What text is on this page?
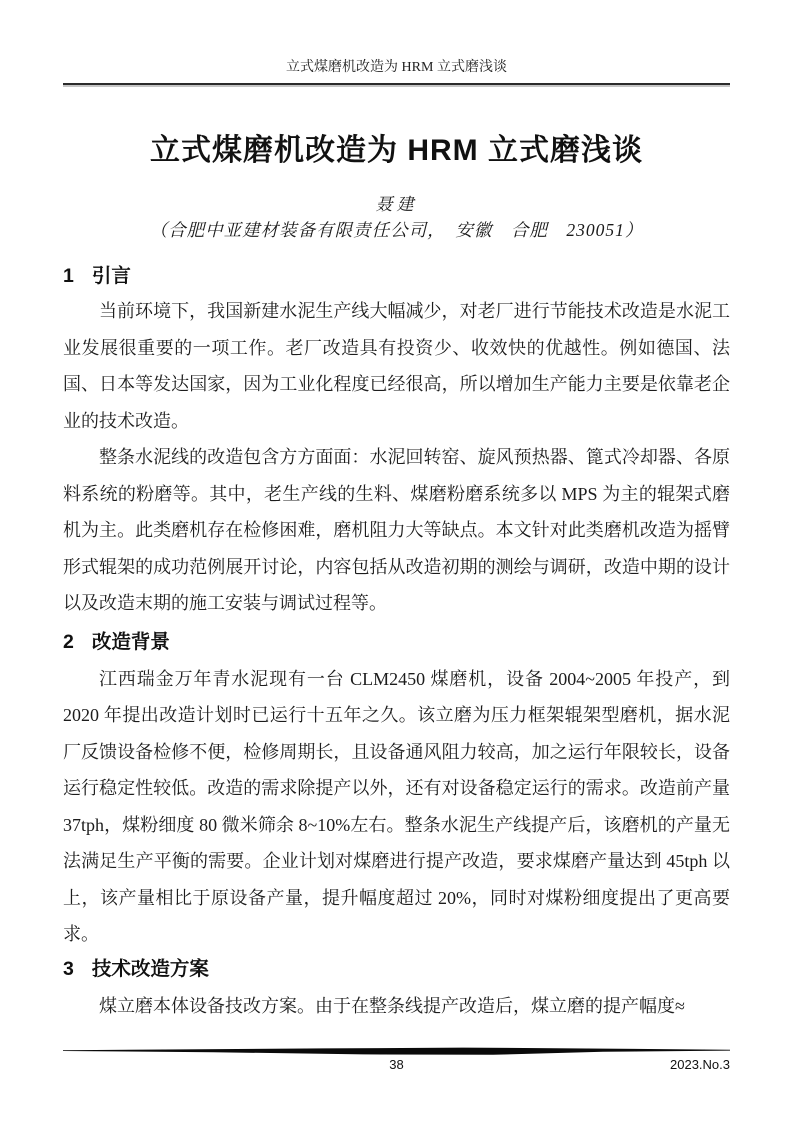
立式煤磨机改造为 HRM 立式磨浅谈
立式煤磨机改造为 HRM 立式磨浅谈
聂建
（合肥中亚建材装备有限责任公司，　安徽　合肥　230051）
1 引言

当前环境下，我国新建水泥生产线大幅减少，对老厂进行节能技术改造是水泥工业发展很重要的一项工作。老厂改造具有投资少、收效快的优越性。例如德国、法国、日本等发达国家，因为工业化程度已经很高，所以增加生产能力主要是依靠老企业的技术改造。

整条水泥线的改造包含方方面面：水泥回转窑、旋风预热器、篦式冷却器、各原料系统的粉磨等。其中，老生产线的生料、煤磨粉磨系统多以 MPS 为主的辊架式磨机为主。此类磨机存在检修困难，磨机阻力大等缺点。本文针对此类磨机改造为摇臂形式辊架的成功范例展开讨论，内容包括从改造初期的测绘与调研，改造中期的设计以及改造末期的施工安装与调试过程等。

2 改造背景

江西瑞金万年青水泥现有一台 CLM2450 煤磨机，设备 2004~2005 年投产，到 2020 年提出改造计划时已运行十五年之久。该立磨为压力框架辊架型磨机，据水泥厂反馈设备检修不便，检修周期长，且设备通风阻力较高，加之运行年限较长，设备运行稳定性较低。改造的需求除提产以外，还有对设备稳定运行的需求。改造前产量 37tph，煤粉细度 80 微米筛余 8~10%左右。整条水泥生产线提产后，该磨机的产量无法满足生产平衡的需要。企业计划对煤磨进行提产改造，要求煤磨产量达到 45tph 以上，该产量相比于原设备产量，提升幅度超过 20%，同时对煤粉细度提出了更高要求。

3 技术改造方案

煤立磨本体设备技改方案。由于在整条线提产改造后，煤立磨的提产幅度≈

38	2023.No.3
